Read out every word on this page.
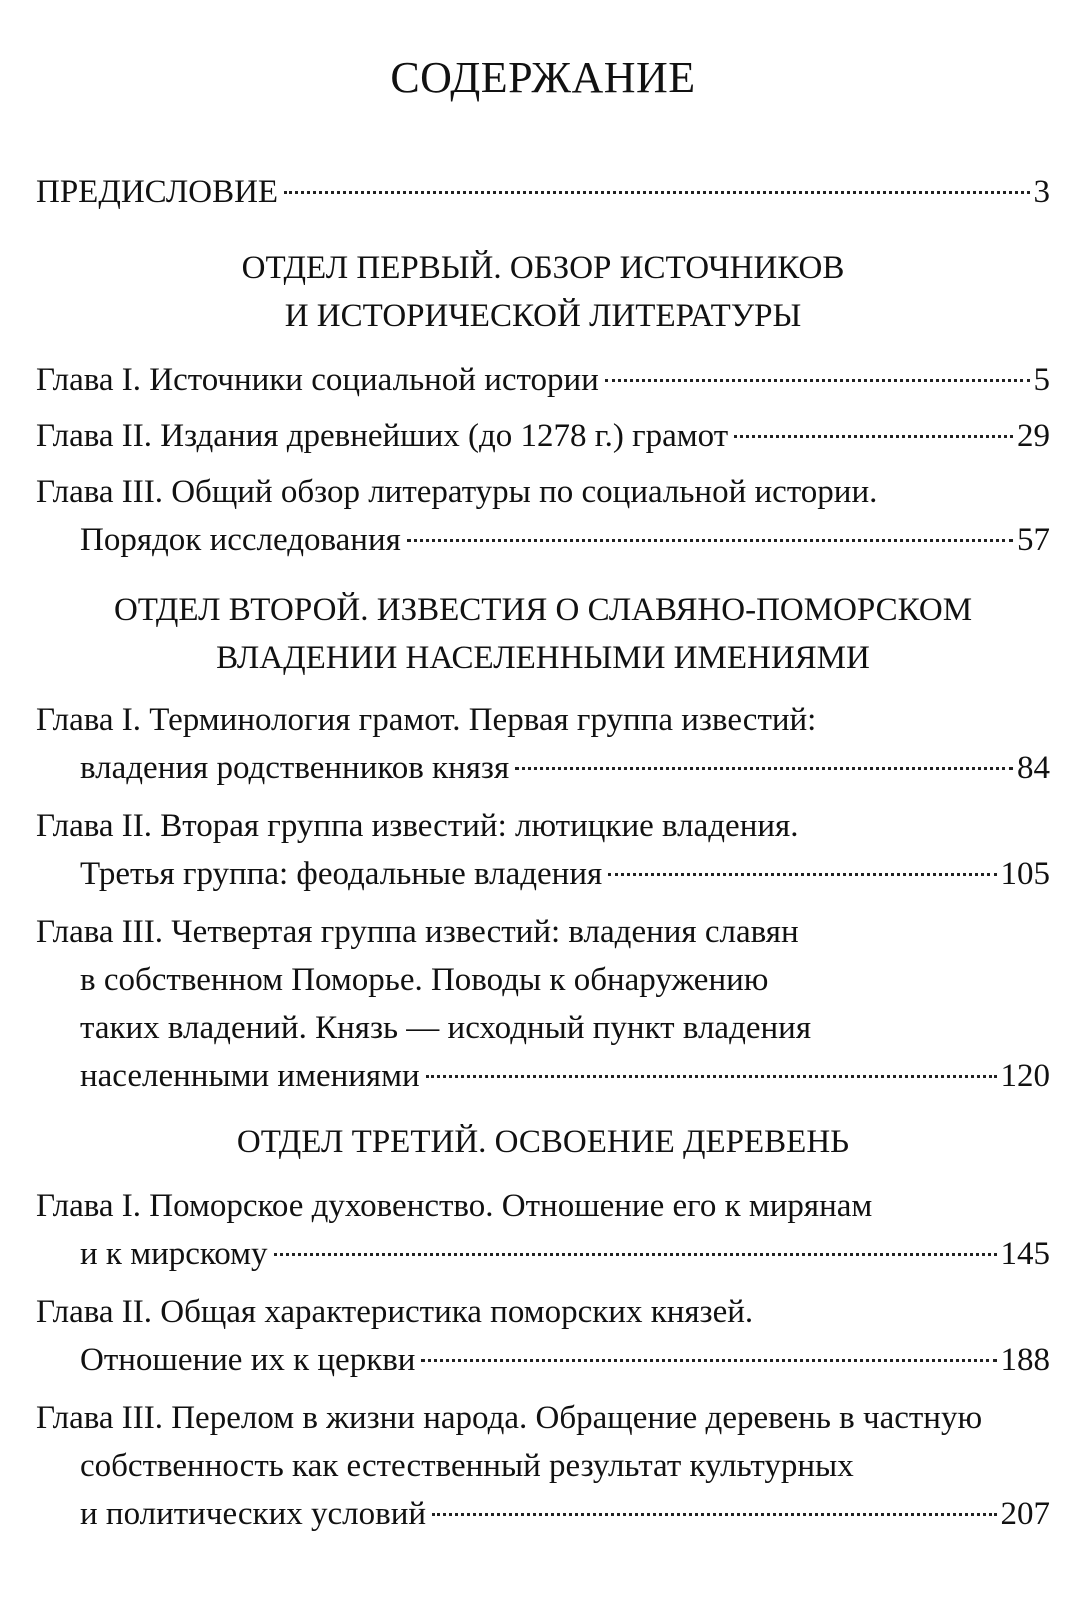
СОДЕРЖАНИЕ
ПРЕДИСЛОВИЕ	3
ОТДЕЛ ПЕРВЫЙ. ОБЗОР ИСТОЧНИКОВ
И ИСТОРИЧЕСКОЙ ЛИТЕРАТУРЫ
Глава I. Источники социальной истории	5
Глава II. Издания древнейших (до 1278 г.) грамот	29
Глава III. Общий обзор литературы по социальной истории.
Порядок исследования	57
ОТДЕЛ ВТОРОЙ. ИЗВЕСТИЯ О СЛАВЯНО-ПОМОРСКОМ
ВЛАДЕНИИ НАСЕЛЕННЫМИ ИМЕНИЯМИ
Глава I. Терминология грамот. Первая группа известий:
владения родственников князя	84
Глава II. Вторая группа известий: лютицкие владения.
Третья группа: феодальные владения	105
Глава III. Четвертая группа известий: владения славян
в собственном Поморье. Поводы к обнаружению
таких владений. Князь — исходный пункт владения
населенными имениями	120
ОТДЕЛ ТРЕТИЙ. ОСВОЕНИЕ ДЕРЕВЕНЬ
Глава I. Поморское духовенство. Отношение его к мирянам
и к мирскому	145
Глава II. Общая характеристика поморских князей.
Отношение их к церкви	188
Глава III. Перелом в жизни народа. Обращение деревень в частную
собственность как естественный результат культурных
и политических условий	207
